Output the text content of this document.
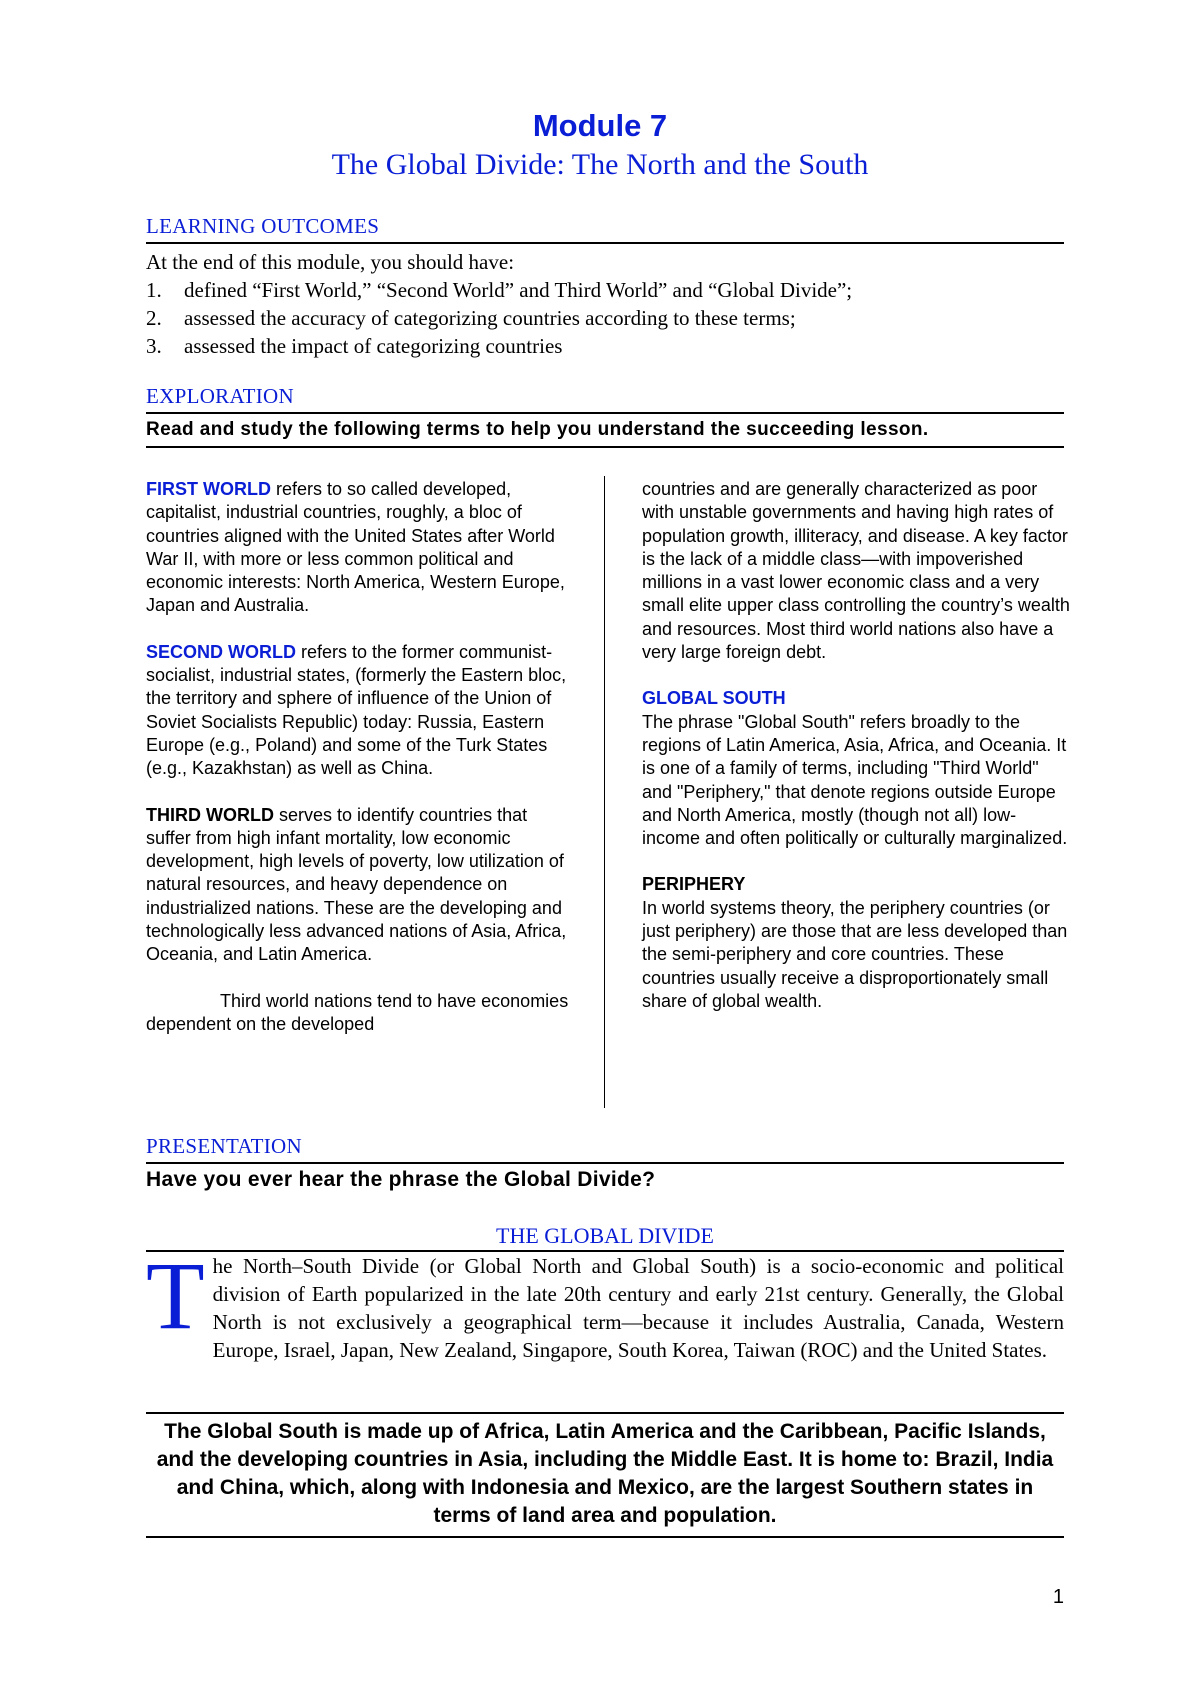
Module 7
The Global Divide: The North and the South
LEARNING OUTCOMES
At the end of this module, you should have:
1. defined “First World,” “Second World” and Third World” and “Global Divide”;
2. assessed the accuracy of categorizing countries according to these terms;
3. assessed the impact of categorizing countries
EXPLORATION
Read and study the following terms to help you understand the succeeding lesson.

FIRST WORLD refers to so called developed, capitalist, industrial countries, roughly, a bloc of countries aligned with the United States after World War II, with more or less common political and economic interests: North America, Western Europe, Japan and Australia.

SECOND WORLD refers to the former communist-socialist, industrial states, (formerly the Eastern bloc, the territory and sphere of influence of the Union of Soviet Socialists Republic) today: Russia, Eastern Europe (e.g., Poland) and some of the Turk States (e.g., Kazakhstan) as well as China.

THIRD WORLD serves to identify countries that suffer from high infant mortality, low economic development, high levels of poverty, low utilization of natural resources, and heavy dependence on industrialized nations. These are the developing and technologically less advanced nations of Asia, Africa, Oceania, and Latin America.

Third world nations tend to have economies dependent on the developed

countries and are generally characterized as poor with unstable governments and having high rates of population growth, illiteracy, and disease. A key factor is the lack of a middle class—with impoverished millions in a vast lower economic class and a very small elite upper class controlling the country’s wealth and resources. Most third world nations also have a very large foreign debt.

GLOBAL SOUTH
The phrase "Global South" refers broadly to the regions of Latin America, Asia, Africa, and Oceania. It is one of a family of terms, including "Third World" and "Periphery," that denote regions outside Europe and North America, mostly (though not all) low-income and often politically or culturally marginalized.

PERIPHERY
In world systems theory, the periphery countries (or just periphery) are those that are less developed than the semi-periphery and core countries. These countries usually receive a disproportionately small share of global wealth.

PRESENTATION
Have you ever hear the phrase the Global Divide?
THE GLOBAL DIVIDE
The North–South Divide (or Global North and Global South) is a socio-economic and political division of Earth popularized in the late 20th century and early 21st century. Generally, the Global North is not exclusively a geographical term—because it includes Australia, Canada, Western Europe, Israel, Japan, New Zealand, Singapore, South Korea, Taiwan (ROC) and the United States.
The Global South is made up of Africa, Latin America and the Caribbean, Pacific Islands, and the developing countries in Asia, including the Middle East. It is home to: Brazil, India and China, which, along with Indonesia and Mexico, are the largest Southern states in terms of land area and population.
1
